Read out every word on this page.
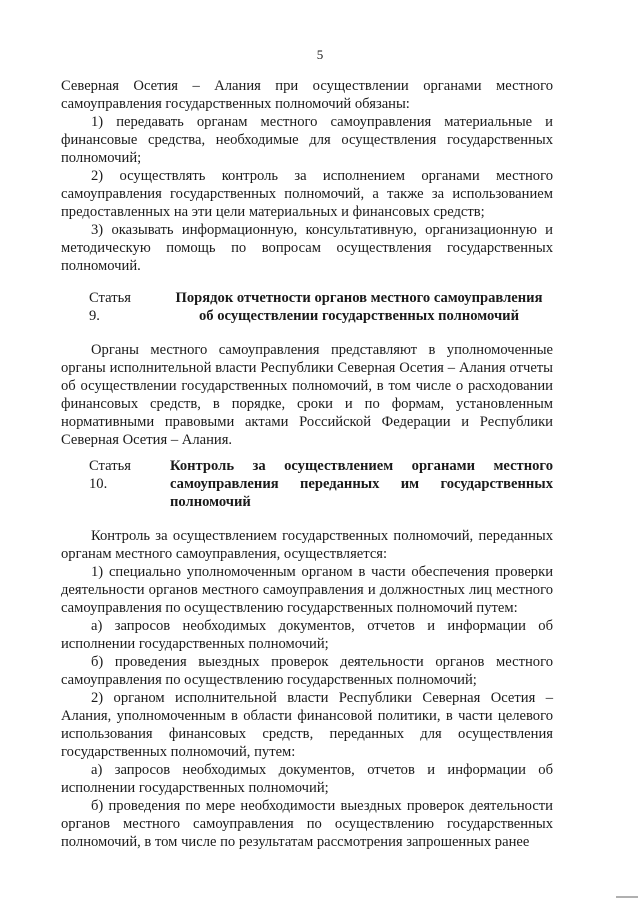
5

Северная Осетия – Алания при осуществлении органами местного самоуправления государственных полномочий обязаны:

1) передавать органам местного самоуправления материальные и финансовые средства, необходимые для осуществления государственных полномочий;

2) осуществлять контроль за исполнением органами местного самоуправления государственных полномочий, а также за использованием предоставленных на эти цели материальных и финансовых средств;

3) оказывать информационную, консультативную, организационную и методическую помощь по вопросам осуществления государственных полномочий.

Статья 9.
Порядок отчетности органов местного самоуправления
об осуществлении государственных полномочий

Органы местного самоуправления представляют в уполномоченные органы исполнительной власти Республики Северная Осетия – Алания отчеты об осуществлении государственных полномочий, в том числе о расходовании финансовых средств, в порядке, сроки и по формам, установленным нормативными правовыми актами Российской Федерации и Республики Северная Осетия – Алания.

Статья 10.
Контроль за осуществлением органами местного самоуправления переданных им государственных полномочий

Контроль за осуществлением государственных полномочий, переданных органам местного самоуправления, осуществляется:

1) специально уполномоченным органом в части обеспечения проверки деятельности органов местного самоуправления и должностных лиц местного самоуправления по осуществлению государственных полномочий путем:

а) запросов необходимых документов, отчетов и информации об исполнении государственных полномочий;

б) проведения выездных проверок деятельности органов местного самоуправления по осуществлению государственных полномочий;

2) органом исполнительной власти Республики Северная Осетия – Алания, уполномоченным в области финансовой политики, в части целевого использования финансовых средств, переданных для осуществления государственных полномочий, путем:

а) запросов необходимых документов, отчетов и информации об исполнении государственных полномочий;

б) проведения по мере необходимости выездных проверок деятельности органов местного самоуправления по осуществлению государственных полномочий, в том числе по результатам рассмотрения запрошенных ранее
